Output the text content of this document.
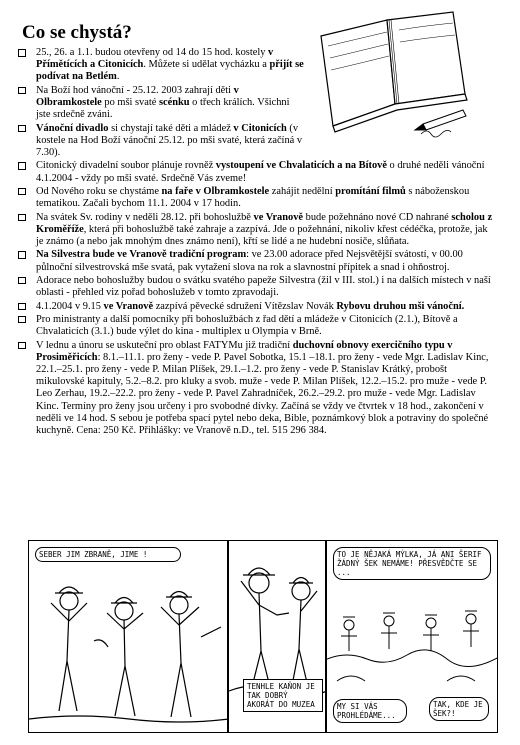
Co se chystá?
25., 26. a 1.1. budou otevřeny od 14 do 15 hod. kostely v Přímětících a Citonicích. Můžete si udělat vycházku a přijít se podívat na Betlém.
Na Boží hod vánoční - 25.12. 2003 zahrají děti v Olbramkostele po mši svaté scénku o třech králích. Všichni jste srdečně zváni.
Vánoční divadlo si chystají také děti a mládež v Citonicích (v kostele na Hod Boží vánoční 25.12. po mši svaté, která začíná v 7.30).
Citonický divadelní soubor plánuje rovněž vystoupení ve Chvalaticích a na Bítově o druhé neděli vánoční 4.1.2004 - vždy po mši svaté. Srdečně Vás zveme!
Od Nového roku se chystáme na faře v Olbramkostele zahájit nedělní promítání filmů s náboženskou tematikou. Začali bychom 11.1. 2004 v 17 hodin.
Na svátek Sv. rodiny v neděli 28.12. při bohoslužbě ve Vranově bude požehnáno nové CD nahrané scholou z Kroměříže, která při bohoslužbě také zahraje a zazpívá. Jde o požehnání, nikoliv křest cédéčka, protože, jak je známo (a nebo jak mnohým dnes známo není), křtí se lidé a ne hudební nosiče, slůňata.
Na Silvestra bude ve Vranově tradiční program: ve 23.00 adorace před Nejsvětější svátostí, v 00.00 půlnoční silvestrovská mše svatá, pak vytažení slova na rok a slavnostní přípitek a snad i ohňostroj.
Adorace nebo bohoslužby budou o svátku svatého papeže Silvestra (žil v III. stol.) i na dalších místech v naší oblasti - přehled viz pořad bohoslužeb v tomto zpravodaji.
4.1.2004 v 9.15 ve Vranově zazpívá pěvecké sdružení Vítězslav Novák Rybovu druhou mši vánoční.
Pro ministranty a další pomocníky při bohoslužbách z řad dětí a mládeže v Citonicích (2.1.), Bítově a Chvalaticích (3.1.) bude výlet do kina - multiplex u Olympia v Brně.
V lednu a únoru se uskuteční pro oblast FATYMu již tradiční duchovní obnovy exercičního typu v Prosiměřicích: 8.1.–11.1. pro ženy - vede P. Pavel Sobotka, 15.1 –18.1. pro ženy - vede Mgr. Ladislav Kinc, 22.1.–25.1. pro ženy - vede P. Milan Plíšek, 29.1.–1.2. pro ženy - vede P. Stanislav Krátký, probošt mikulovské kapituly, 5.2.–8.2. pro kluky a svob. muže - vede P. Milan Plíšek, 12.2.–15.2. pro muže - vede P. Leo Zerhau, 19.2.–22.2. pro ženy - vede P. Pavel Zahradníček, 26.2.–29.2. pro muže - vede Mgr. Ladislav Kinc. Termíny pro ženy jsou určeny i pro svobodné dívky. Začíná se vždy ve čtvrtek v 18 hod., zakončení v neděli ve 14 hod. S sebou je potřeba spací pytel nebo deka, Bible, poznámkový blok a potraviny do společné kuchyně. Cena: 250 Kč. Přihlášky: ve Vranově n.D., tel. 515 296 384.
SEBER JIM ZBRANĚ, JIME !
TENHLE KAŇON JE TAK DOBRÝ AKORÁT DO MUZEA
TO JE NĚJAKÁ MÝLKA, JÁ ANI ŠERIF ŽÁDNÝ ŠEK NEMÁME! PŘESVĚDČTE SE ...
MY SI VÁS PROHLÉDÁME...
TAK, KDE JE ŠEK?!
